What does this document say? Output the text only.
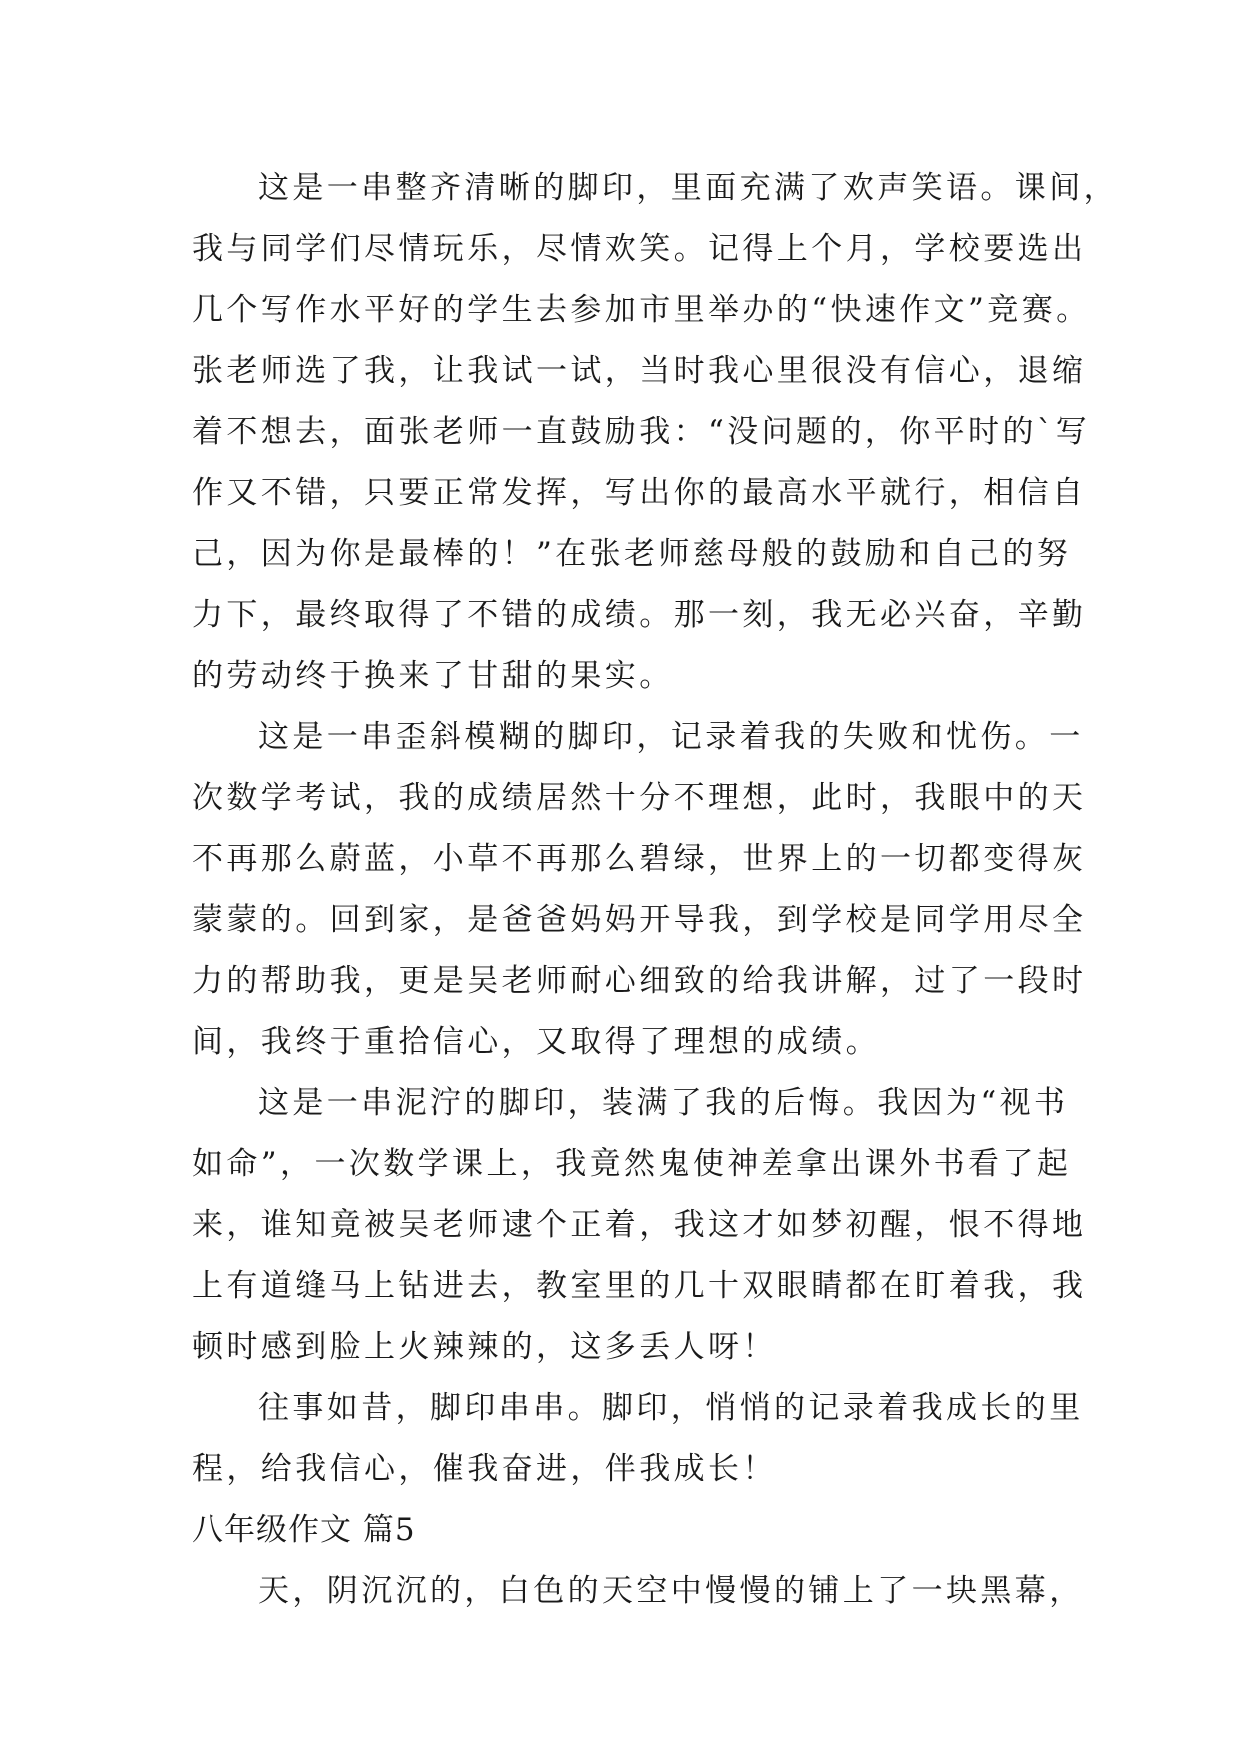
这是一串整齐清晰的脚印，里面充满了欢声笑语。课间，
我与同学们尽情玩乐，尽情欢笑。记得上个月，学校要选出
几个写作水平好的学生去参加市里举办的“快速作文”竞赛。
张老师选了我，让我试一试，当时我心里很没有信心，退缩
着不想去，面张老师一直鼓励我：“没问题的，你平时的`写
作又不错，只要正常发挥，写出你的最高水平就行，相信自
己，因为你是最棒的！”在张老师慈母般的鼓励和自己的努
力下，最终取得了不错的成绩。那一刻，我无必兴奋，辛勤
的劳动终于换来了甘甜的果实。
这是一串歪斜模糊的脚印，记录着我的失败和忧伤。一
次数学考试，我的成绩居然十分不理想，此时，我眼中的天
不再那么蔚蓝，小草不再那么碧绿，世界上的一切都变得灰
蒙蒙的。回到家，是爸爸妈妈开导我，到学校是同学用尽全
力的帮助我，更是吴老师耐心细致的给我讲解，过了一段时
间，我终于重拾信心，又取得了理想的成绩。
这是一串泥泞的脚印，装满了我的后悔。我因为“视书
如命”，一次数学课上，我竟然鬼使神差拿出课外书看了起
来，谁知竟被吴老师逮个正着，我这才如梦初醒，恨不得地
上有道缝马上钻进去，教室里的几十双眼睛都在盯着我，我
顿时感到脸上火辣辣的，这多丢人呀！
往事如昔，脚印串串。脚印，悄悄的记录着我成长的里
程，给我信心，催我奋进，伴我成长！
八年级作文 篇5
天，阴沉沉的，白色的天空中慢慢的铺上了一块黑幕，
